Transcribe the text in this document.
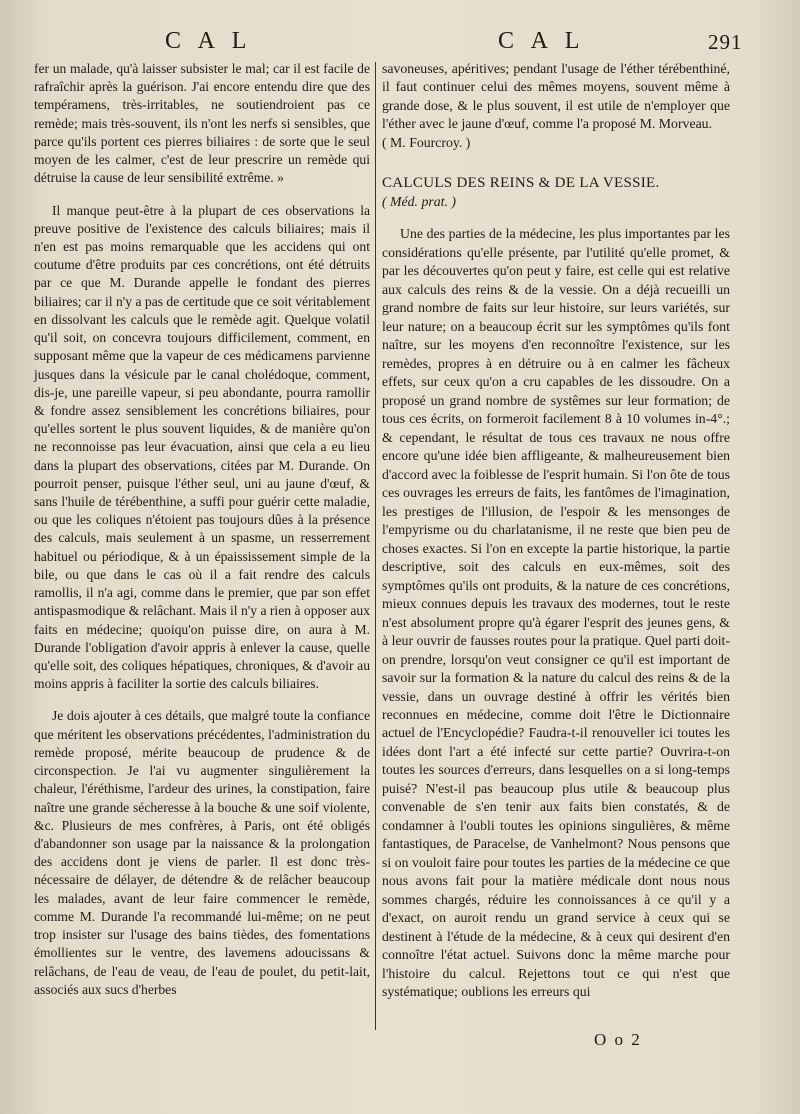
C A L	C A L	291

fer un malade, qu'à laisser subsister le mal; car il est facile de rafraîchir après la guérison. J'ai encore entendu dire que des tempéramens, très-irritables, ne soutiendroient pas ce remède; mais très-souvent, ils n'ont les nerfs si sensibles, que parce qu'ils portent ces pierres biliaires : de sorte que le seul moyen de les calmer, c'est de leur prescrire un remède qui détruise la cause de leur sensibilité extrême. »

Il manque peut-être à la plupart de ces observations la preuve positive de l'existence des calculs biliaires; mais il n'en est pas moins remarquable que les accidens qui ont coutume d'être produits par ces concrétions, ont été détruits par ce que M. Durande appelle le fondant des pierres biliaires; car il n'y a pas de certitude que ce soit véritablement en dissolvant les calculs que le remède agit. Quelque volatil qu'il soit, on concevra toujours difficilement, comment, en supposant même que la vapeur de ces médicamens parvienne jusques dans la vésicule par le canal cholédoque, comment, dis-je, une pareille vapeur, si peu abondante, pourra ramollir & fondre assez sensiblement les concrétions biliaires, pour qu'elles sortent le plus souvent liquides, & de manière qu'on ne reconnoisse pas leur évacuation, ainsi que cela a eu lieu dans la plupart des observations, citées par M. Durande. On pourroit penser, puisque l'éther seul, uni au jaune d'œuf, & sans l'huile de térébenthine, a suffi pour guérir cette maladie, ou que les coliques n'étoient pas toujours dûes à la présence des calculs, mais seulement à un spasme, un resserrement habituel ou périodique, & à un épaississement simple de la bile, ou que dans le cas où il a fait rendre des calculs ramollis, il n'a agi, comme dans le premier, que par son effet antispasmodique & relâchant. Mais il n'y a rien à opposer aux faits en médecine; quoiqu'on puisse dire, on aura à M. Durande l'obligation d'avoir appris à enlever la cause, quelle qu'elle soit, des coliques hépatiques, chroniques, & d'avoir au moins appris à faciliter la sortie des calculs biliaires.

Je dois ajouter à ces détails, que malgré toute la confiance que méritent les observations précédentes, l'administration du remède proposé, mérite beaucoup de prudence & de circonspection. Je l'ai vu augmenter singulièrement la chaleur, l'éréthisme, l'ardeur des urines, la constipation, faire naître une grande sécheresse à la bouche & une soif violente, &c. Plusieurs de mes confrères, à Paris, ont été obligés d'abandonner son usage par la naissance & la prolongation des accidens dont je viens de parler. Il est donc très-nécessaire de délayer, de détendre & de relâcher beaucoup les malades, avant de leur faire commencer le remède, comme M. Durande l'a recommandé lui-même; on ne peut trop insister sur l'usage des bains tièdes, des fomentations émollientes sur le ventre, des lavemens adoucissans & relâchans, de l'eau de veau, de l'eau de poulet, du petit-lait, associés aux sucs d'herbes

savoneuses, apéritives; pendant l'usage de l'éther térébenthiné, il faut continuer celui des mêmes moyens, souvent même à grande dose, & le plus souvent, il est utile de n'employer que l'éther avec le jaune d'œuf, comme l'a proposé M. Morveau.

( M. Fourcroy. )

CALCULS DES REINS & DE LA VESSIE.

( Méd. prat. )

Une des parties de la médecine, les plus importantes par les considérations qu'elle présente, par l'utilité qu'elle promet, & par les découvertes qu'on peut y faire, est celle qui est relative aux calculs des reins & de la vessie. On a déjà recueilli un grand nombre de faits sur leur histoire, sur leurs variétés, sur leur nature; on a beaucoup écrit sur les symptômes qu'ils font naître, sur les moyens d'en reconnoître l'existence, sur les remèdes, propres à en détruire ou à en calmer les fâcheux effets, sur ceux qu'on a cru capables de les dissoudre. On a proposé un grand nombre de systêmes sur leur formation; de tous ces écrits, on formeroit facilement 8 à 10 volumes in-4°.; & cependant, le résultat de tous ces travaux ne nous offre encore qu'une idée bien affligeante, & malheureusement bien d'accord avec la foiblesse de l'esprit humain. Si l'on ôte de tous ces ouvrages les erreurs de faits, les fantômes de l'imagination, les prestiges de l'illusion, de l'espoir & les mensonges de l'empyrisme ou du charlatanisme, il ne reste que bien peu de choses exactes. Si l'on en excepte la partie historique, la partie descriptive, soit des calculs en eux-mêmes, soit des symptômes qu'ils ont produits, & la nature de ces concrétions, mieux connues depuis les travaux des modernes, tout le reste n'est absolument propre qu'à égarer l'esprit des jeunes gens, & à leur ouvrir de fausses routes pour la pratique. Quel parti doit-on prendre, lorsqu'on veut consigner ce qu'il est important de savoir sur la formation & la nature du calcul des reins & de la vessie, dans un ouvrage destiné à offrir les vérités bien reconnues en médecine, comme doit l'être le Dictionnaire actuel de l'Encyclopédie? Faudra-t-il renouveller ici toutes les idées dont l'art a été infecté sur cette partie? Ouvrira-t-on toutes les sources d'erreurs, dans lesquelles on a si long-temps puisé? N'est-il pas beaucoup plus utile & beaucoup plus convenable de s'en tenir aux faits bien constatés, & de condamner à l'oubli toutes les opinions singulières, & même fantastiques, de Paracelse, de Vanhelmont? Nous pensons que si on vouloit faire pour toutes les parties de la médecine ce que nous avons fait pour la matière médicale dont nous nous sommes chargés, réduire les connoissances à ce qu'il y a d'exact, on auroit rendu un grand service à ceux qui se destinent à l'étude de la médecine, & à ceux qui desirent d'en connoître l'état actuel. Suivons donc la même marche pour l'histoire du calcul. Rejettons tout ce qui n'est que systématique; oublions les erreurs qui

O o 2
